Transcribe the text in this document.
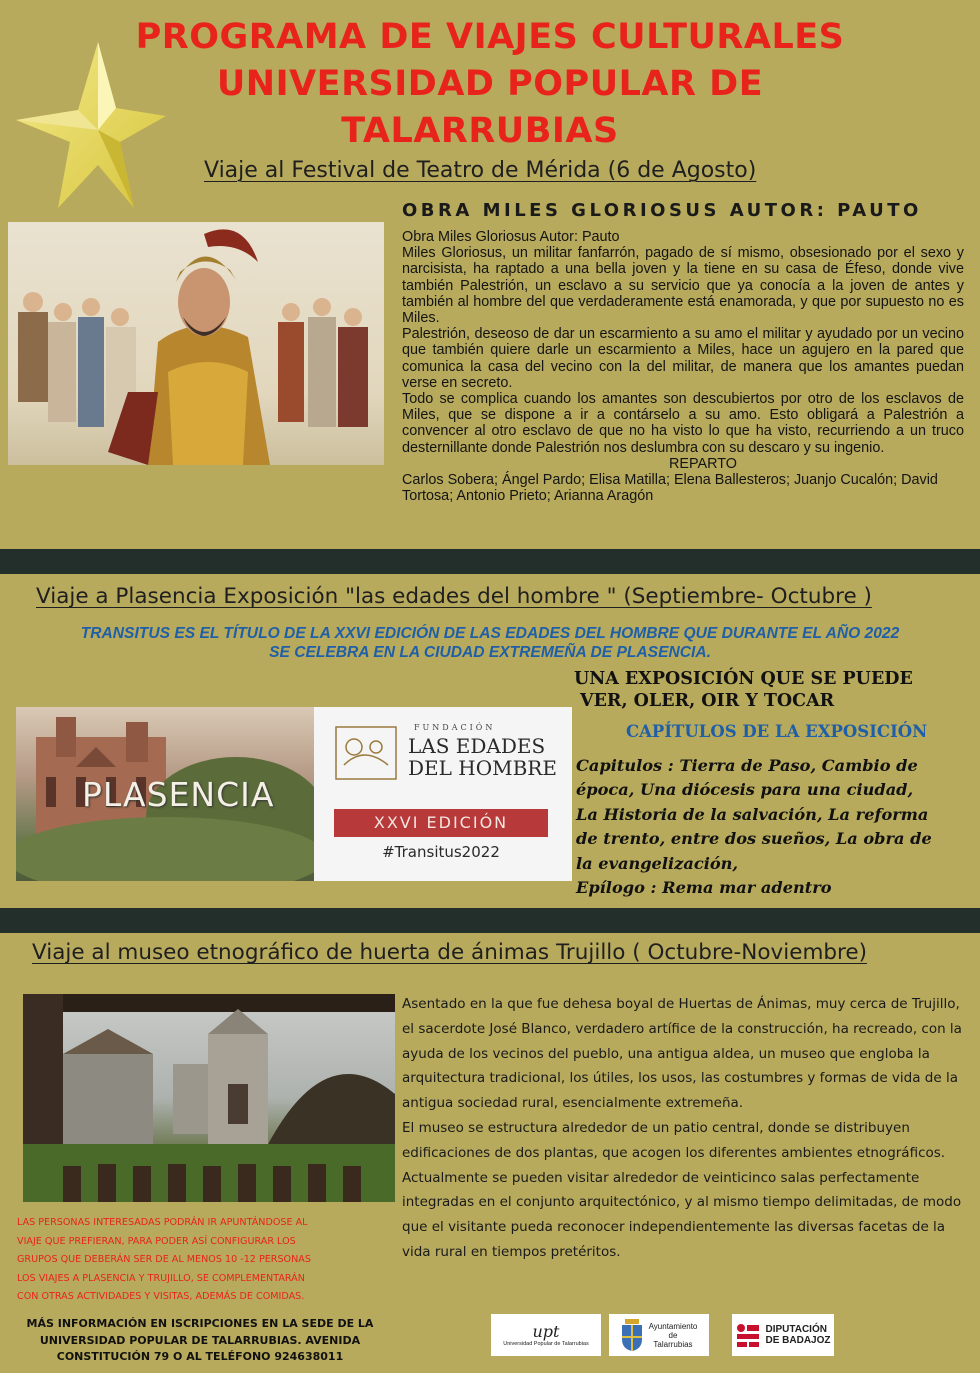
PROGRAMA DE VIAJES CULTURALES
UNIVERSIDAD POPULAR DE
TALARRUBIAS
Viaje al Festival de Teatro de Mérida (6 de Agosto)
OBRA MILES GLORIOSUS AUTOR: PAUTO
Obra Miles Gloriosus Autor: Pauto
Miles Gloriosus, un militar fanfarrón, pagado de sí mismo, obsesionado por el sexo y narcisista, ha raptado a una bella joven y la tiene en su casa de Éfeso, donde vive también Palestrión, un esclavo a su servicio que ya conocía a la joven de antes y también al hombre del que verdaderamente está enamorada, y que por supuesto no es Miles.
Palestrión, deseoso de dar un escarmiento a su amo el militar y ayudado por un vecino que también quiere darle un escarmiento a Miles, hace un agujero en la pared que comunica la casa del vecino con la del militar, de manera que los amantes puedan verse en secreto.
Todo se complica cuando los amantes son descubiertos por otro de los esclavos de Miles, que se dispone a ir a contárselo a su amo. Esto obligará a Palestrión a convencer al otro esclavo de que no ha visto lo que ha visto, recurriendo a un truco desternillante donde Palestrión nos deslumbra con su descaro y su ingenio.
REPARTO
Carlos Sobera; Ángel Pardo; Elisa Matilla; Elena Ballesteros; Juanjo Cucalón; David Tortosa; Antonio Prieto; Arianna Aragón
Viaje a Plasencia Exposición "las edades del hombre " (Septiembre- Octubre )
TRANSITUS ES EL TÍTULO DE LA XXVI EDICIÓN DE LAS EDADES DEL HOMBRE QUE DURANTE EL AÑO 2022
SE CELEBRA EN LA CIUDAD EXTREMEÑA DE PLASENCIA.
UNA EXPOSICIÓN QUE SE PUEDE
VER, OLER, OIR Y TOCAR
CAPÍTULOS DE LA EXPOSICIÓN
Capitulos : Tierra de Paso, Cambio de
época, Una diócesis para una ciudad,
La Historia de la salvación, La reforma
de trento, entre dos sueños, La obra de
la evangelización,
Epílogo : Rema mar adentro
PLASENCIA
FUNDACIÓN
LAS EDADES
DEL HOMBRE
XXVI EDICIÓN
#Transitus2022
Viaje al museo etnográfico de huerta de ánimas Trujillo ( Octubre-Noviembre)
Asentado en la que fue dehesa boyal de Huertas de Ánimas, muy cerca de Trujillo, el sacerdote José Blanco, verdadero artífice de la construcción, ha recreado, con la ayuda de los vecinos del pueblo, una antigua aldea, un museo que engloba la arquitectura tradicional, los útiles, los usos, las costumbres y formas de vida de la antigua sociedad rural, esencialmente extremeña.
El museo se estructura alrededor de un patio central, donde se distribuyen edificaciones de dos plantas, que acogen los diferentes ambientes etnográficos. Actualmente se pueden visitar alrededor de veinticinco salas perfectamente integradas en el conjunto arquitectónico, y al mismo tiempo delimitadas, de modo que el visitante pueda reconocer independientemente las diversas facetas de la vida rural en tiempos pretéritos.
LAS PERSONAS INTERESADAS PODRÁN IR APUNTÁNDOSE AL
VIAJE QUE PREFIERAN, PARA PODER ASÍ CONFIGURAR LOS
GRUPOS QUE DEBERÁN SER DE AL MENOS 10 -12 PERSONAS
LOS VIAJES A PLASENCIA Y TRUJILLO, SE COMPLEMENTARÁN
CON OTRAS ACTIVIDADES Y VISITAS, ADEMÁS DE COMIDAS.
MÁS INFORMACIÓN EN ISCRIPCIONES EN LA SEDE DE LA
UNIVERSIDAD POPULAR DE TALARRUBIAS. AVENIDA
CONSTITUCIÓN 79 O AL TELÉFONO 924638011
upt
Universidad Popular de Talarrubias
Ayuntamiento
de
Talarrubias
DIPUTACIÓN
DE BADAJOZ
